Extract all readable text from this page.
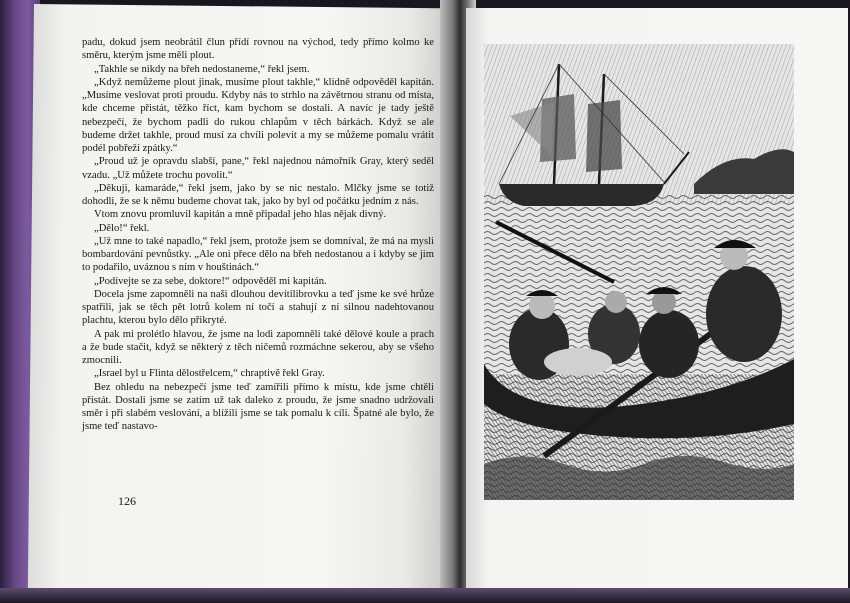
padu, dokud jsem neobrátil člun přídí rovnou na východ, tedy přímo kolmo ke směru, kterým jsme měli plout.

„Takhle se nikdy na břeh nedostaneme,“ řekl jsem.

„Když nemůžeme plout jinak, musíme plout takhle,“ klidně odpověděl kapitán. „Musíme veslovat proti proudu. Kdyby nás to strhlo na závětrnou stranu od místa, kde chceme přistát, těžko říct, kam bychom se dostali. A navíc je tady ještě nebezpečí, že bychom padli do rukou chlapům v těch bárkách. Když se ale budeme držet takhle, proud musí za chvíli polevit a my se můžeme pomalu vrátit podél pobřeží zpátky.“

„Proud už je opravdu slabší, pane,“ řekl najednou námořník Gray, který seděl vzadu. „Už můžete trochu povolit.“

„Děkuji, kamaráde,“ řekl jsem, jako by se nic nestalo. Mlčky jsme se totiž dohodli, že se k němu budeme chovat tak, jako by byl od počátku jedním z nás.

Vtom znovu promluvil kapitán a mně připadal jeho hlas nějak divný.

„Dělo!“ řekl.

„Už mne to také napadlo,“ řekl jsem, protože jsem se domníval, že má na mysli bombardování pevnůstky. „Ale oni přece dělo na břeh nedostanou a i kdyby se jim to podařilo, uváznou s ním v houštinách.“

„Podívejte se za sebe, doktore!“ odpověděl mi kapitán.

Docela jsme zapomněli na naši dlouhou devítilibrovku a teď jsme ke své hrůze spatřili, jak se těch pět lotrů kolem ní točí a stahují z ní silnou nadehtovanou plachtu, kterou bylo dělo přikryté.

A pak mi prolétlo hlavou, že jsme na lodi zapomněli také dělové koule a prach a že bude stačit, když se některý z těch ničemů rozmáchne sekerou, aby se všeho zmocnili.

„Israel byl u Flinta dělostřelcem,“ chraptivě řekl Gray.

Bez ohledu na nebezpečí jsme teď zamířili přímo k místu, kde jsme chtěli přistát. Dostali jsme se zatím už tak daleko z proudu, že jsme snadno udržovali směr i při slabém veslování, a blížili jsme se tak pomalu k cíli. Špatné ale bylo, že jsme teď nastavo-

126
